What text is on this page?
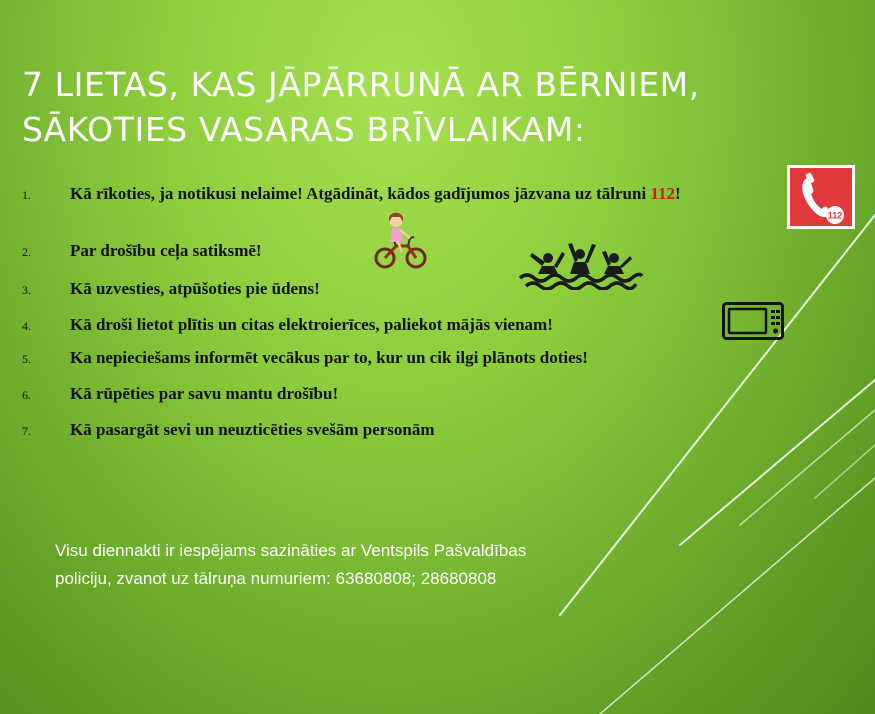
7 LIETAS, KAS JĀPĀRRUNĀ AR BĒRNIEM,
SĀKOTIES VASARAS BRĪVLAIKAM:
1. Kā rīkoties, ja notikusi nelaime! Atgādināt, kādos gadījumos jāzvana uz tālruni 112!
2. Par drošību ceļa satiksmē!
3. Kā uzvesties, atpūšoties pie ūdens!
4. Kā droši lietot plītis un citas elektroierīces, paliekot mājās vienam!
5. Ka nepieciešams informēt vecākus par to, kur un cik ilgi plānots doties!
6. Kā rūpēties par savu mantu drošību!
7. Kā pasargāt sevi un neuzticēties svešām personām
112
Visu diennakti ir iespējams sazināties ar Ventspils Pašvaldības
policiju, zvanot uz tālruņa numuriem: 63680808; 28680808
